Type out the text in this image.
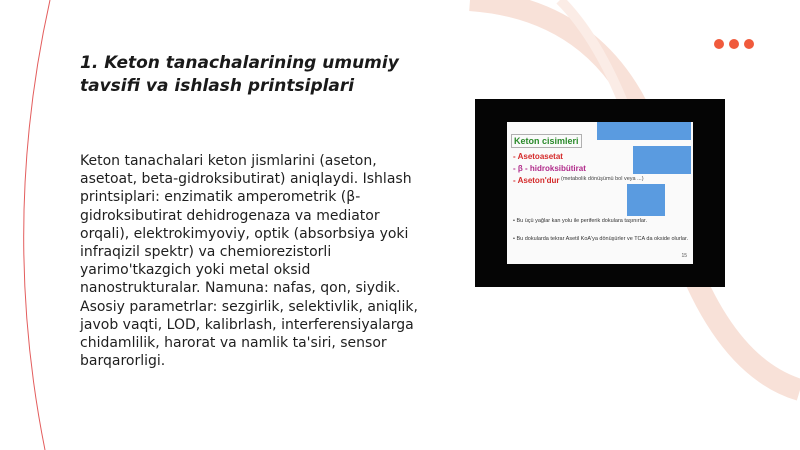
1. Keton tanachalarining umumiy tavsifi va ishlash printsiplari

Keton tanachalari keton jismlarini (aseton, asetoat, beta-gidroksibutirat) aniqlaydi. Ishlash printsiplari: enzimatik amperometrik (β-gidroksibutirat dehidrogenaza va mediator orqali), elektrokimyoviy, optik (absorbsiya yoki infraqizil spektr) va chemiorezistorli yarimo'tkazgich yoki metal oksid nanostrukturalar. Namuna: nafas, qon, siydik. Asosiy parametrlar: sezgirlik, selektivlik, aniqlik, javob vaqti, LOD, kalibrlash, interferensiyalarga chidamlilik, harorat va namlik ta'siri, sensor barqarorligi.

Keton cisimleri
- Asetoasetat
- β - hidroksibütirat
- Aseton'dur (metabolik dönüşümü bol veya ...)
• Bu üçü yağlar kan yolu ile periferik dokulara taşınırlar.
• Bu dokularda tekrar Asetil KoA'ya dönüşürler ve TCA da okside olurlar.
15
